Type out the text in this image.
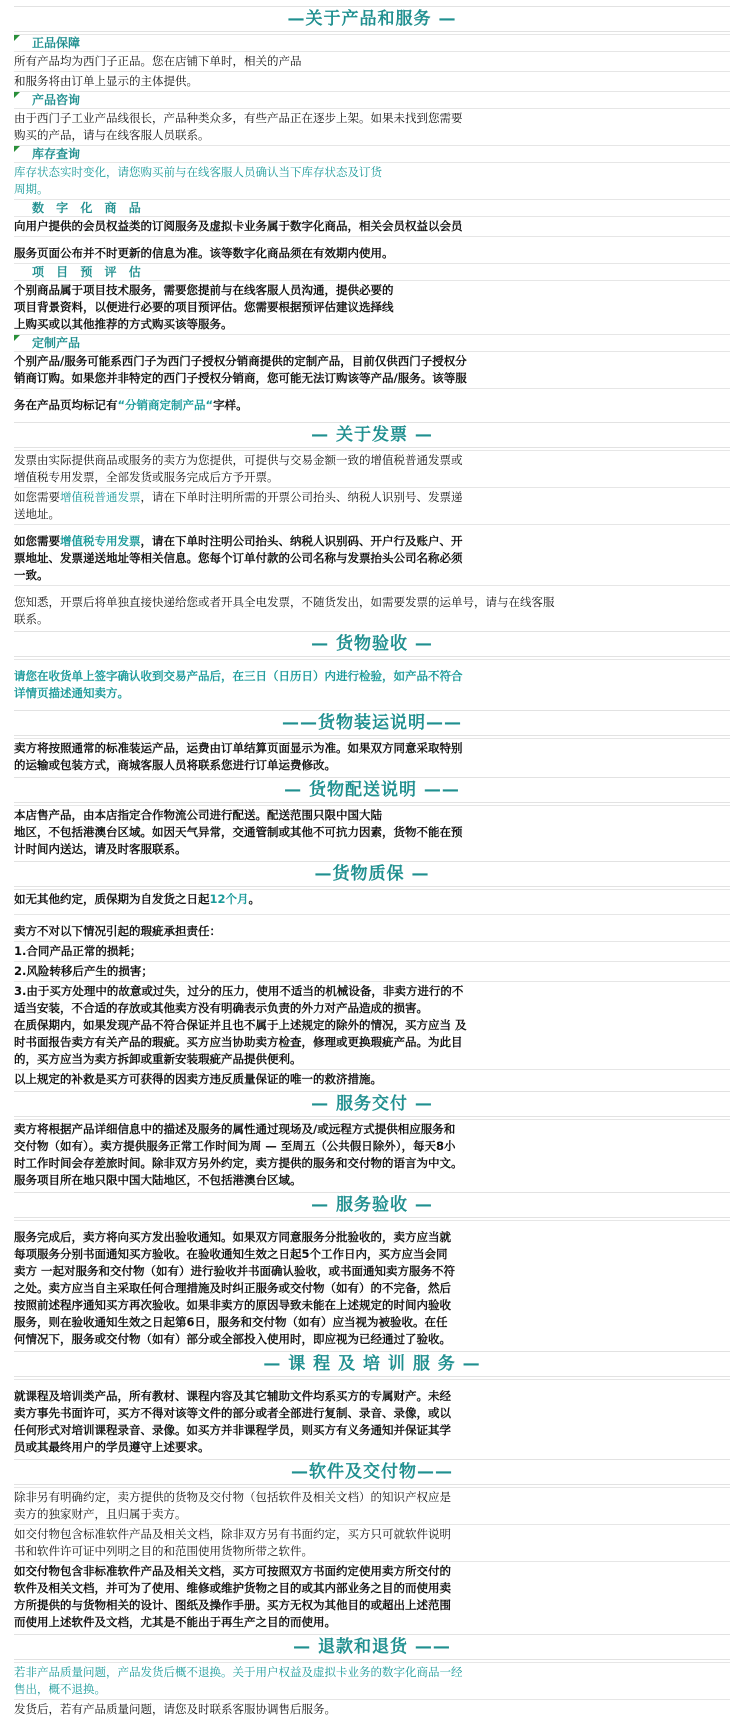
—关于产品和服务 —
正品保障
所有产品均为西门子正品。您在店铺下单时，相关的产品
和服务将由订单上显示的主体提供。
产品咨询
由于西门子工业产品线很长，产品种类众多，有些产品正在逐步上架。如果未找到您需要
购买的产品，请与在线客服人员联系。
库存查询
库存状态实时变化，请您购买前与在线客服人员确认当下库存状态及订货
周期。
数 字 化 商 品
向用户提供的会员权益类的订阅服务及虚拟卡业务属于数字化商品，相关会员权益以会员
服务页面公布并不时更新的信息为准。该等数字化商品须在有效期内使用。
项 目 预 评 估
个别商品属于项目技术服务，需要您提前与在线客服人员沟通，提供必要的
项目背景资料，以便进行必要的项目预评估。您需要根据预评估建议选择线
上购买或以其他推荐的方式购买该等服务。
定制产品
个别产品/服务可能系西门子为西门子授权分销商提供的定制产品，目前仅供西门子授权分
销商订购。如果您并非特定的西门子授权分销商，您可能无法订购该等产品/服务。该等服
务在产品页均标记有“分销商定制产品“字样。
— 关于发票 —
发票由实际提供商品或服务的卖方为您提供，可提供与交易金额一致的增值税普通发票或
增值税专用发票，全部发货或服务完成后方予开票。
如您需要增值税普通发票，请在下单时注明所需的开票公司抬头、纳税人识别号、发票递
送地址。
如您需要增值税专用发票，请在下单时注明公司抬头、纳税人识别码、开户行及账户、开
票地址、发票递送地址等相关信息。您每个订单付款的公司名称与发票抬头公司名称必须
一致。
您知悉，开票后将单独直接快递给您或者开具全电发票，不随货发出，如需要发票的运单号，请与在线客服
联系。
— 货物验收 —
请您在收货单上签字确认收到交易产品后，在三日（日历日）内进行检验，如产品不符合
详情页描述通知卖方。
——货物装运说明——
卖方将按照通常的标准装运产品，运费由订单结算页面显示为准。如果双方同意采取特别
的运输或包装方式，商城客服人员将联系您进行订单运费修改。
— 货物配送说明 ——
本店售产品，由本店指定合作物流公司进行配送。配送范围只限中国大陆
地区，不包括港澳台区域。如因天气异常，交通管制或其他不可抗力因素，货物不能在预
计时间内送达，请及时客服联系。
—货物质保 —
如无其他约定，质保期为自发货之日起12个月。
卖方不对以下情况引起的瑕疵承担责任：
1.合同产品正常的损耗；
2.风险转移后产生的损害；
3.由于买方处理中的故意或过失，过分的压力，使用不适当的机械设备，非卖方进行的不
适当安装，不合适的存放或其他卖方没有明确表示负责的外力对产品造成的损害。
在质保期内，如果发现产品不符合保证并且也不属于上述规定的除外的情况，买方应当 及
时书面报告卖方有关产品的瑕疵。买方应当协助卖方检查，修理或更换瑕疵产品。为此目
的，买方应当为卖方拆卸或重新安装瑕疵产品提供便利。
以上规定的补救是买方可获得的因卖方违反质量保证的唯一的救济措施。
— 服务交付 —
卖方将根据产品详细信息中的描述及服务的属性通过现场及/或远程方式提供相应服务和
交付物（如有）。卖方提供服务正常工作时间为周 — 至周五（公共假日除外），每天8小
时工作时间会存差旅时间。除非双方另外约定，卖方提供的服务和交付物的语言为中文。
服务项目所在地只限中国大陆地区，不包括港澳台区域。
— 服务验收 —
服务完成后，卖方将向买方发出验收通知。如果双方同意服务分批验收的，卖方应当就
每项服务分别书面通知买方验收。在验收通知生效之日起5个工作日内，买方应当会同
卖方 一起对服务和交付物（如有）进行验收并书面确认验收，或书面通知卖方服务不符
之处。卖方应当自主采取任何合理措施及时纠正服务或交付物（如有）的不完备，然后
按照前述程序通知买方再次验收。如果非卖方的原因导致未能在上述规定的时间内验收
服务，则在验收通知生效之日起第6日，服务和交付物（如有）应当视为被验收。在任
何情况下，服务或交付物（如有）部分或全部投入使用时，即应视为已经通过了验收。
— 课 程 及 培 训 服 务 —
就课程及培训类产品，所有教材、课程内容及其它辅助文件均系买方的专属财产。未经
卖方事先书面许可，买方不得对该等文件的部分或者全部进行复制、录音、录像，或以
任何形式对培训课程录音、录像。如买方并非课程学员，则买方有义务通知并保证其学
员或其最终用户的学员遵守上述要求。
—软件及交付物——
除非另有明确约定，卖方提供的货物及交付物（包括软件及相关文档）的知识产权应是
卖方的独家财产，且归属于卖方。
如交付物包含标准软件产品及相关文档，除非双方另有书面约定，买方只可就软件说明
书和软件许可证中列明之目的和范围使用货物所带之软件。
如交付物包含非标准软件产品及相关文档，买方可按照双方书面约定使用卖方所交付的
软件及相关文档，并可为了使用、维修或维护货物之目的或其内部业务之目的而使用卖
方所提供的与货物相关的设计、图纸及操作手册。买方无权为其他目的或超出上述范围
而使用上述软件及文档，尤其是不能出于再生产之目的而使用。
— 退款和退货 ——
若非产品质量问题，产品发货后概不退换。关于用户权益及虚拟卡业务的数字化商品一经
售出，概不退换。
发货后，若有产品质量问题，请您及时联系客服协调售后服务。
